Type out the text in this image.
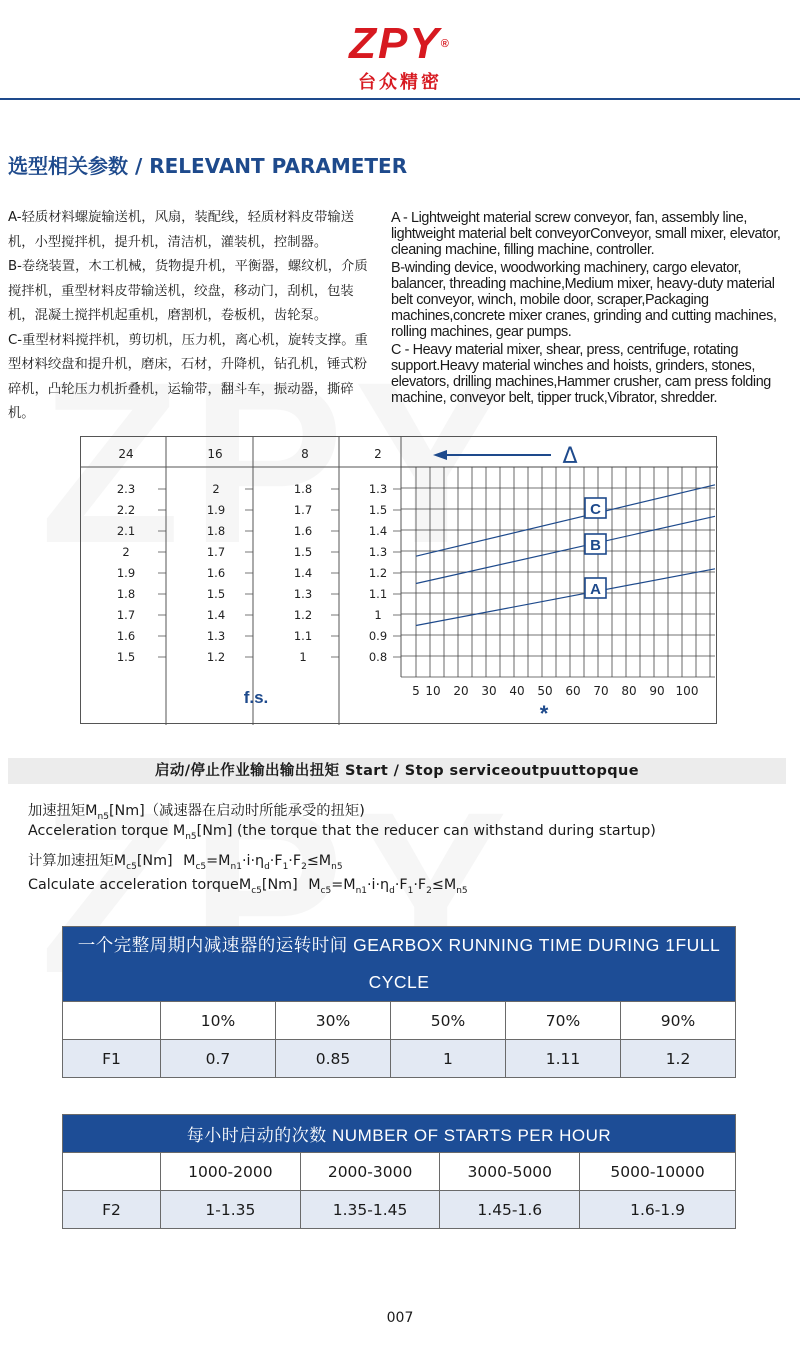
ZPY®
台众精密
选型相关参数 / RELEVANT PARAMETER
A-轻质材料螺旋输送机，风扇，装配线，轻质材料皮带输送机，小型搅拌机，提升机，清洁机，灌装机，控制器。
B-卷绕装置，木工机械，货物提升机，平衡器，螺纹机，介质搅拌机，重型材料皮带输送机，绞盘，移动门，刮机，包装机，混凝土搅拌机起重机，磨割机，卷板机，齿轮泵。
C-重型材料搅拌机，剪切机，压力机，离心机，旋转支撑。重型材料绞盘和提升机，磨床，石材，升降机，钻孔机，锤式粉碎机，凸轮压力机折叠机，运输带，翻斗车，振动器，撕碎机。

A - Lightweight material screw conveyor, fan, assembly line, lightweight material belt conveyorConveyor, small mixer, elevator, cleaning machine, filling machine, controller.

B-winding device, woodworking machinery, cargo elevator, balancer, threading machine,Medium mixer, heavy-duty material belt conveyor, winch, mobile door, scraper,Packaging machines,concrete mixer cranes, grinding and cutting machines, rolling machines, gear pumps.

C - Heavy material mixer, shear, press, centrifuge, rotating support.Heavy material winches and hoists, grinders, stones, elevators, drilling machines,Hammer crusher, cam press folding machine, conveyor belt, tipper truck,Vibrator, shredder.

24	16	8	2
2.3
2.2
2.1
2
1.9
1.8
1.7
1.6
1.5
2
1.9
1.8
1.7
1.6
1.5
1.4
1.3
1.2
1.8
1.7
1.6
1.5
1.4
1.3
1.2
1.1
1
1.3
1.5
1.4
1.3
1.2
1.1
1
0.9
0.8
5 10 20 30 40 50 60 70 80 90 100
f.s.
*
Δ
A
B
C
启动/停止作业输出输出扭矩 Start / Stop serviceoutpuuttopque
加速扭矩$M_{n5}[Nm]$（减速器在启动时所能承受的扭矩)
Acceleration torque $M_{n5}[Nm]$ (the torque that the reducer can withstand during startup)
计算加速扭矩$M_{c5}[Nm]$ $M_{c5}=M_{n1}\cdot i\cdot\eta_d\cdot F_1\cdot F_2\le M_{n5}$
Calculate acceleration torqueM$_{c5}$[Nm] $M_{c5}=M_{n1}\cdot i\cdot\eta_d\cdot F_1\cdot F_2\le M_{n5}$
一个完整周期内减速器的运转时间 GEARBOX RUNNING TIME DURING 1FULL
CYCLE					
	10%	30%	50%	70%	90%
F1	0.7	0.85	1	1.11	1.2
每小时启动的次数 NUMBER OF STARTS PER HOUR				
	1000-2000	2000-3000	3000-5000	5000-10000
F2	1-1.35	1.35-1.45	1.45-1.6	1.6-1.9
007
